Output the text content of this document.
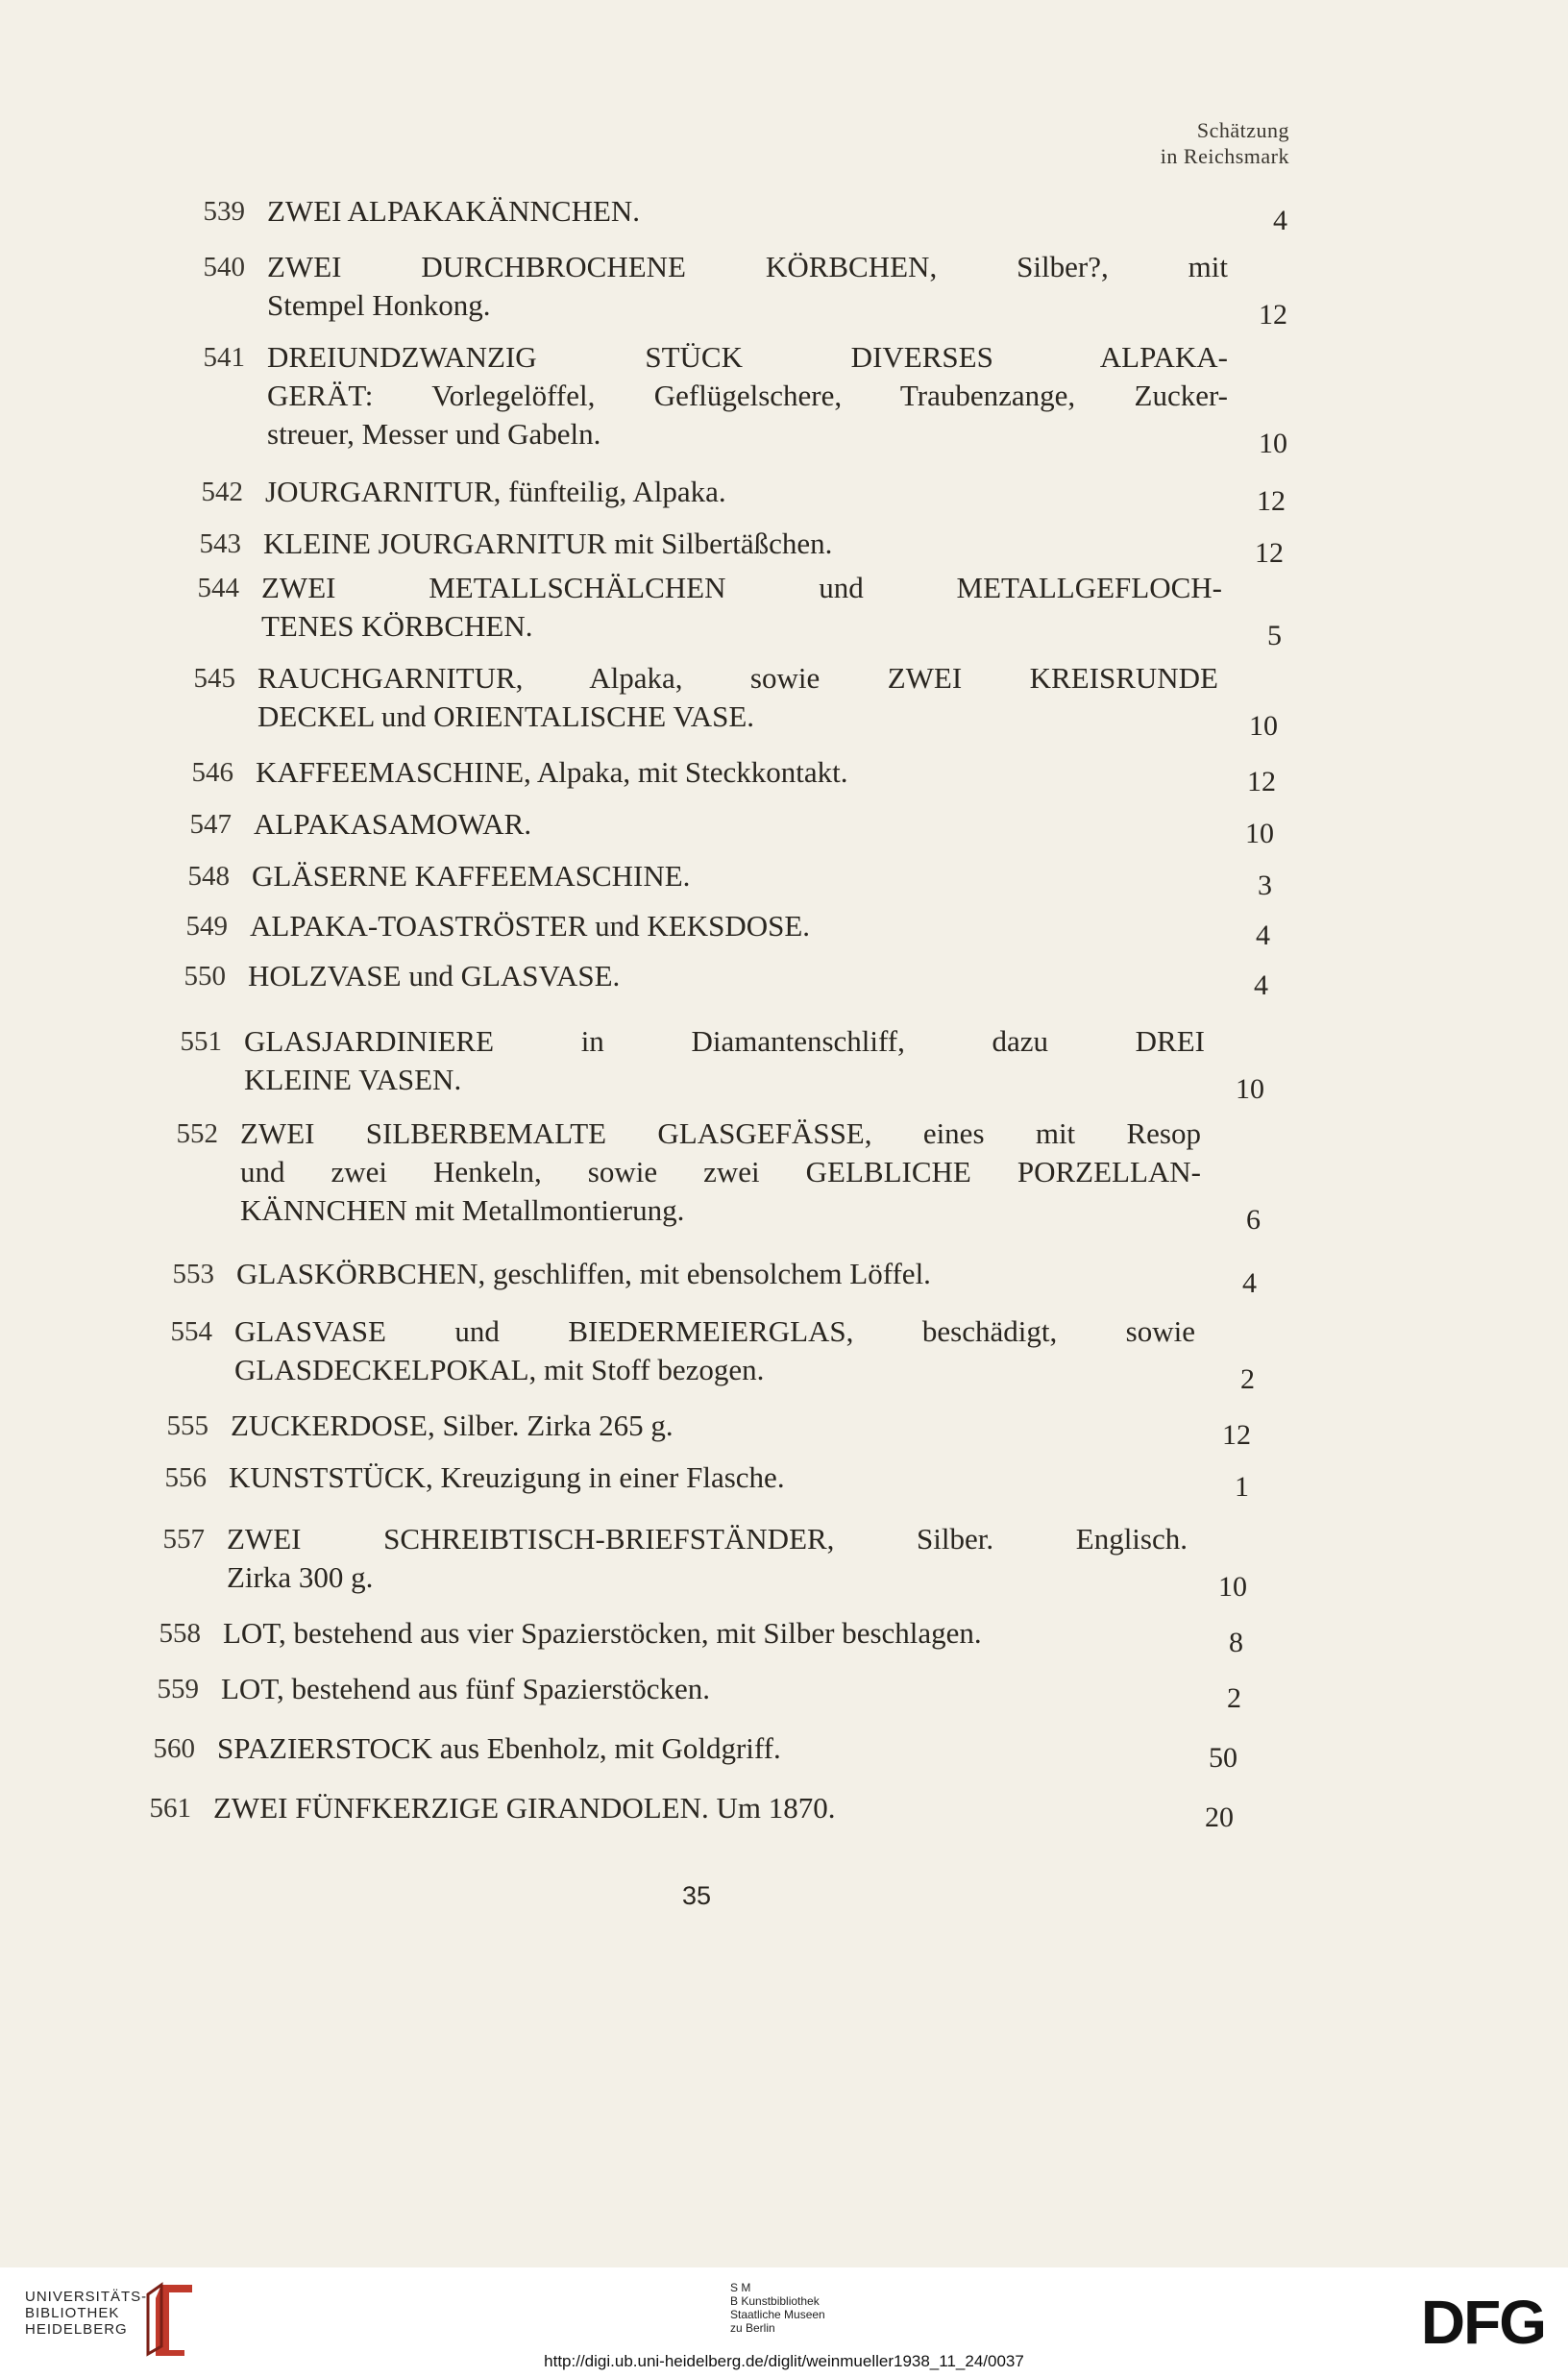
Schätzung
in Reichsmark
539 ZWEI ALPAKAKÄNNCHEN.	4
540 ZWEI DURCHBROCHENE KÖRBCHEN, Silber?, mit
Stempel Honkong.	12
541 DREIUNDZWANZIG STÜCK DIVERSES ALPAKA-
GERÄT: Vorlegelöffel, Geflügelschere, Traubenzange, Zucker-
streuer, Messer und Gabeln.	10
542 JOURGARNITUR, fünfteilig, Alpaka.	12
543 KLEINE JOURGARNITUR mit Silbertäßchen.	12
544 ZWEI METALLSCHÄLCHEN und METALLGEFLOCH-
TENES KÖRBCHEN.	5
545 RAUCHGARNITUR, Alpaka, sowie ZWEI KREISRUNDE
DECKEL und ORIENTALISCHE VASE.	10
546 KAFFEEMASCHINE, Alpaka, mit Steckkontakt.	12
547 ALPAKASAMOWAR.	10
548 GLÄSERNE KAFFEEMASCHINE.	3
549 ALPAKA-TOASTRÖSTER und KEKSDOSE.	4
550 HOLZVASE und GLASVASE.	4
551 GLASJARDINIERE in Diamantenschliff, dazu DREI
KLEINE VASEN.	10
552 ZWEI SILBERBEMALTE GLASGEFÄSSE, eines mit Resop
und zwei Henkeln, sowie zwei GELBLICHE PORZELLAN-
KÄNNCHEN mit Metallmontierung.	6
553 GLASKÖRBCHEN, geschliffen, mit ebensolchem Löffel.	4
554 GLASVASE und BIEDERMEIERGLAS, beschädigt, sowie
GLASDECKELPOKAL, mit Stoff bezogen.	2
555 ZUCKERDOSE, Silber. Zirka 265 g.	12
556 KUNSTSTÜCK, Kreuzigung in einer Flasche.	1
557 ZWEI SCHREIBTISCH-BRIEFSTÄNDER, Silber. Englisch.
Zirka 300 g.	10
558 LOT, bestehend aus vier Spazierstöcken, mit Silber beschlagen.	8
559 LOT, bestehend aus fünf Spazierstöcken.	2
560 SPAZIERSTOCK aus Ebenholz, mit Goldgriff.	50
561 ZWEI FÜNFKERZIGE GIRANDOLEN. Um 1870.	20
35
UNIVERSITÄTS-
BIBLIOTHEK
HEIDELBERG
S M
B Kunstbibliothek
Staatliche Museen
zu Berlin	DFG
http://digi.ub.uni-heidelberg.de/diglit/weinmueller1938_11_24/0037
